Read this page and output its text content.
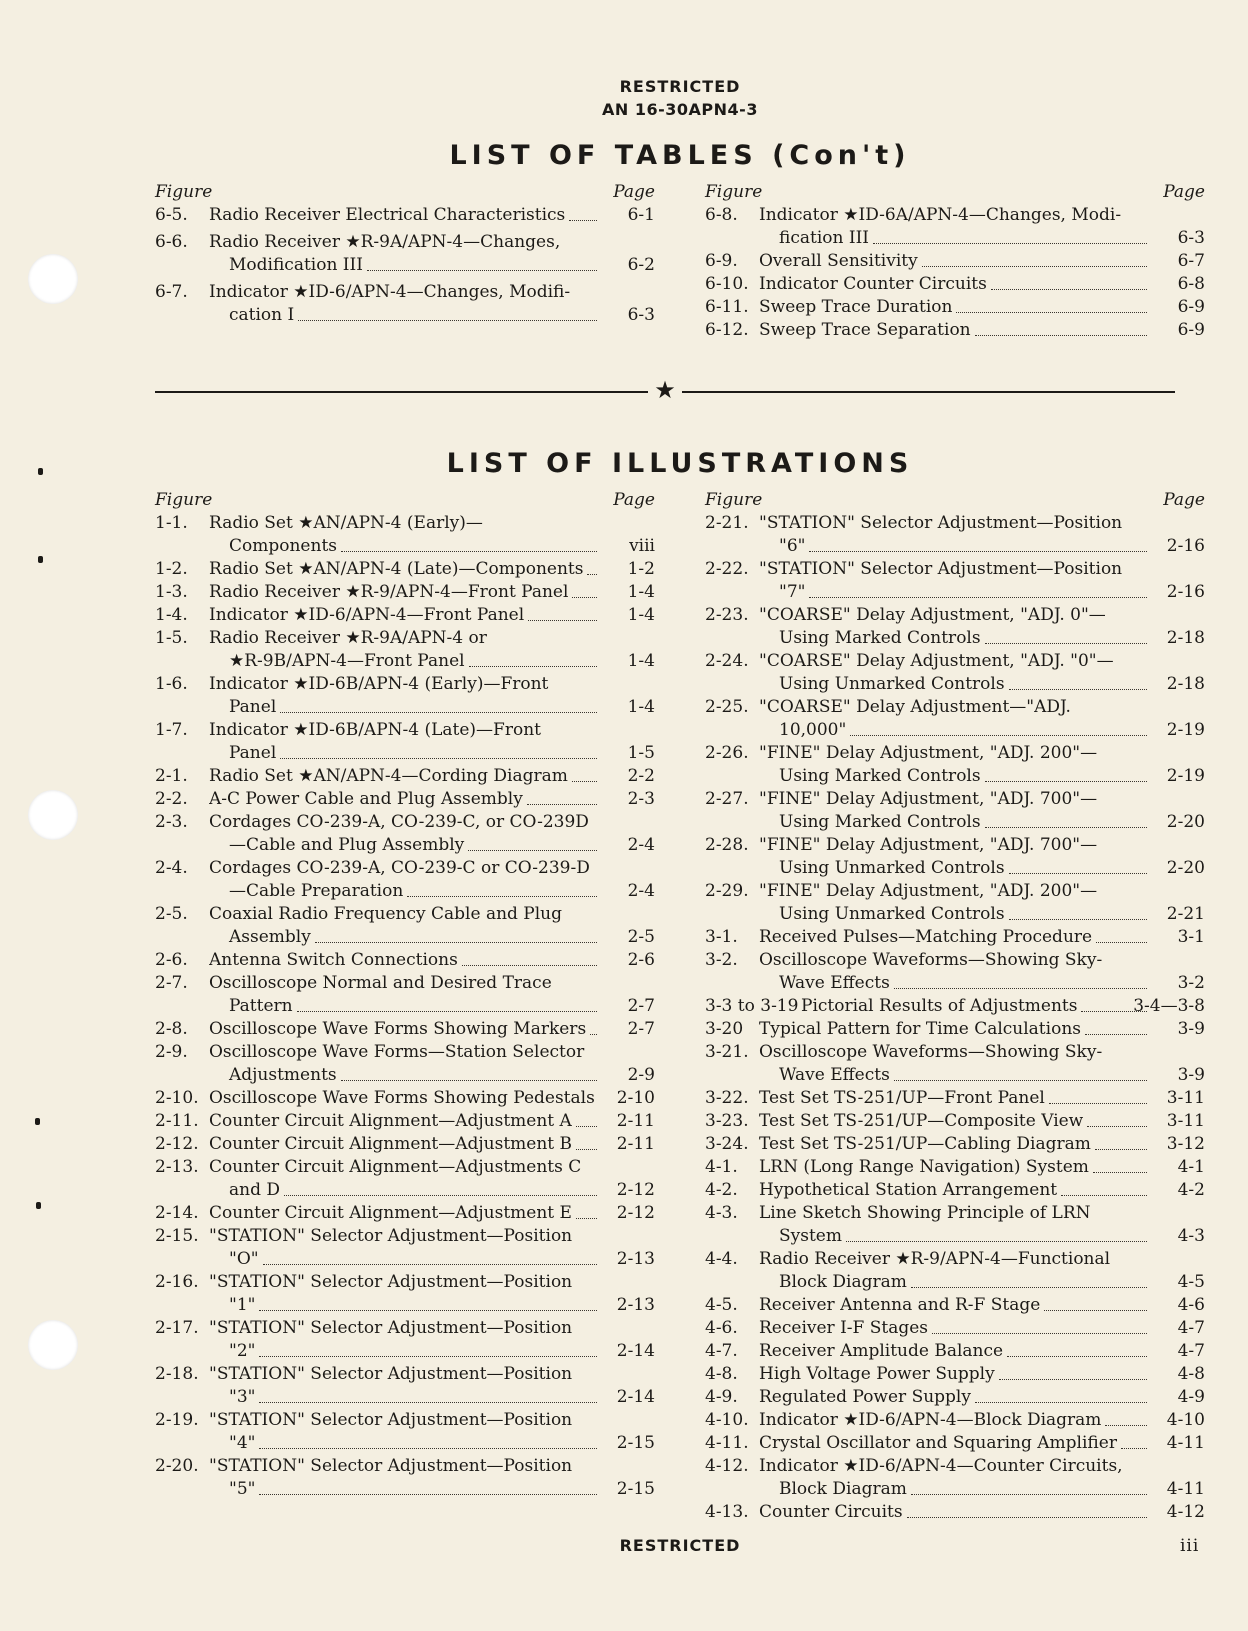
RESTRICTED
AN 16-30APN4-3
LIST OF TABLES (Con't)
Figure	Page
6-5. Radio Receiver Electrical Characteristics	6-1
6-6. Radio Receiver ★R-9A/APN-4—Changes,
Modification III	6-2
6-7. Indicator ★ID-6/APN-4—Changes, Modifi-
cation I	6-3
Figure	Page
6-8. Indicator ★ID-6A/APN-4—Changes, Modi-
fication III	6-3
6-9. Overall Sensitivity	6-7
6-10. Indicator Counter Circuits	6-8
6-11. Sweep Trace Duration	6-9
6-12. Sweep Trace Separation	6-9
★
LIST OF ILLUSTRATIONS
Figure	Page
1-1. Radio Set ★AN/APN-4 (Early)—
Components	viii
1-2. Radio Set ★AN/APN-4 (Late)—Components	1-2
1-3. Radio Receiver ★R-9/APN-4—Front Panel	1-4
1-4. Indicator ★ID-6/APN-4—Front Panel	1-4
1-5. Radio Receiver ★R-9A/APN-4 or
★R-9B/APN-4—Front Panel	1-4
1-6. Indicator ★ID-6B/APN-4 (Early)—Front
Panel	1-4
1-7. Indicator ★ID-6B/APN-4 (Late)—Front
Panel	1-5
2-1. Radio Set ★AN/APN-4—Cording Diagram	2-2
2-2. A-C Power Cable and Plug Assembly	2-3
2-3. Cordages CO-239-A, CO-239-C, or CO-239D
—Cable and Plug Assembly	2-4
2-4. Cordages CO-239-A, CO-239-C or CO-239-D
—Cable Preparation	2-4
2-5. Coaxial Radio Frequency Cable and Plug
Assembly	2-5
2-6. Antenna Switch Connections	2-6
2-7. Oscilloscope Normal and Desired Trace
Pattern	2-7
2-8. Oscilloscope Wave Forms Showing Markers 2-7
2-9. Oscilloscope Wave Forms—Station Selector
Adjustments	2-9
2-10. Oscilloscope Wave Forms Showing Pedestals 2-10
2-11. Counter Circuit Alignment—Adjustment A	2-11
2-12. Counter Circuit Alignment—Adjustment B	2-11
2-13. Counter Circuit Alignment—Adjustments C
and D	2-12
2-14. Counter Circuit Alignment—Adjustment E	2-12
2-15. "STATION" Selector Adjustment—Position
"O"	2-13
2-16. "STATION" Selector Adjustment—Position
"1"	2-13
2-17. "STATION" Selector Adjustment—Position
"2"	2-14
2-18. "STATION" Selector Adjustment—Position
"3"	2-14
2-19. "STATION" Selector Adjustment—Position
"4"	2-15
2-20. "STATION" Selector Adjustment—Position
"5"	2-15
Figure	Page
2-21. "STATION" Selector Adjustment—Position
"6"	2-16
2-22. "STATION" Selector Adjustment—Position
"7"	2-16
2-23. "COARSE" Delay Adjustment, "ADJ. 0"—
Using Marked Controls	2-18
2-24. "COARSE" Delay Adjustment, "ADJ. "0"—
Using Unmarked Controls	2-18
2-25. "COARSE" Delay Adjustment—"ADJ.
10,000"	2-19
2-26. "FINE" Delay Adjustment, "ADJ. 200"—
Using Marked Controls	2-19
2-27. "FINE" Delay Adjustment, "ADJ. 700"—
Using Marked Controls	2-20
2-28. "FINE" Delay Adjustment, "ADJ. 700"—
Using Unmarked Controls	2-20
2-29. "FINE" Delay Adjustment, "ADJ. 200"—
Using Unmarked Controls	2-21
3-1. Received Pulses—Matching Procedure	3-1
3-2. Oscilloscope Waveforms—Showing Sky-
Wave Effects	3-2
3-3 to 3-19 Pictorial Results of Adjustments	3-4—3-8
3-20 Typical Pattern for Time Calculations	3-9
3-21. Oscilloscope Waveforms—Showing Sky-
Wave Effects	3-9
3-22. Test Set TS-251/UP—Front Panel	3-11
3-23. Test Set TS-251/UP—Composite View	3-11
3-24. Test Set TS-251/UP—Cabling Diagram	3-12
4-1. LRN (Long Range Navigation) System	4-1
4-2. Hypothetical Station Arrangement	4-2
4-3. Line Sketch Showing Principle of LRN
System	4-3
4-4. Radio Receiver ★R-9/APN-4—Functional
Block Diagram	4-5
4-5. Receiver Antenna and R-F Stage	4-6
4-6. Receiver I-F Stages	4-7
4-7. Receiver Amplitude Balance	4-7
4-8. High Voltage Power Supply	4-8
4-9. Regulated Power Supply	4-9
4-10. Indicator ★ID-6/APN-4—Block Diagram	4-10
4-11. Crystal Oscillator and Squaring Amplifier	4-11
4-12. Indicator ★ID-6/APN-4—Counter Circuits,
Block Diagram	4-11
4-13. Counter Circuits	4-12
RESTRICTED	iii
